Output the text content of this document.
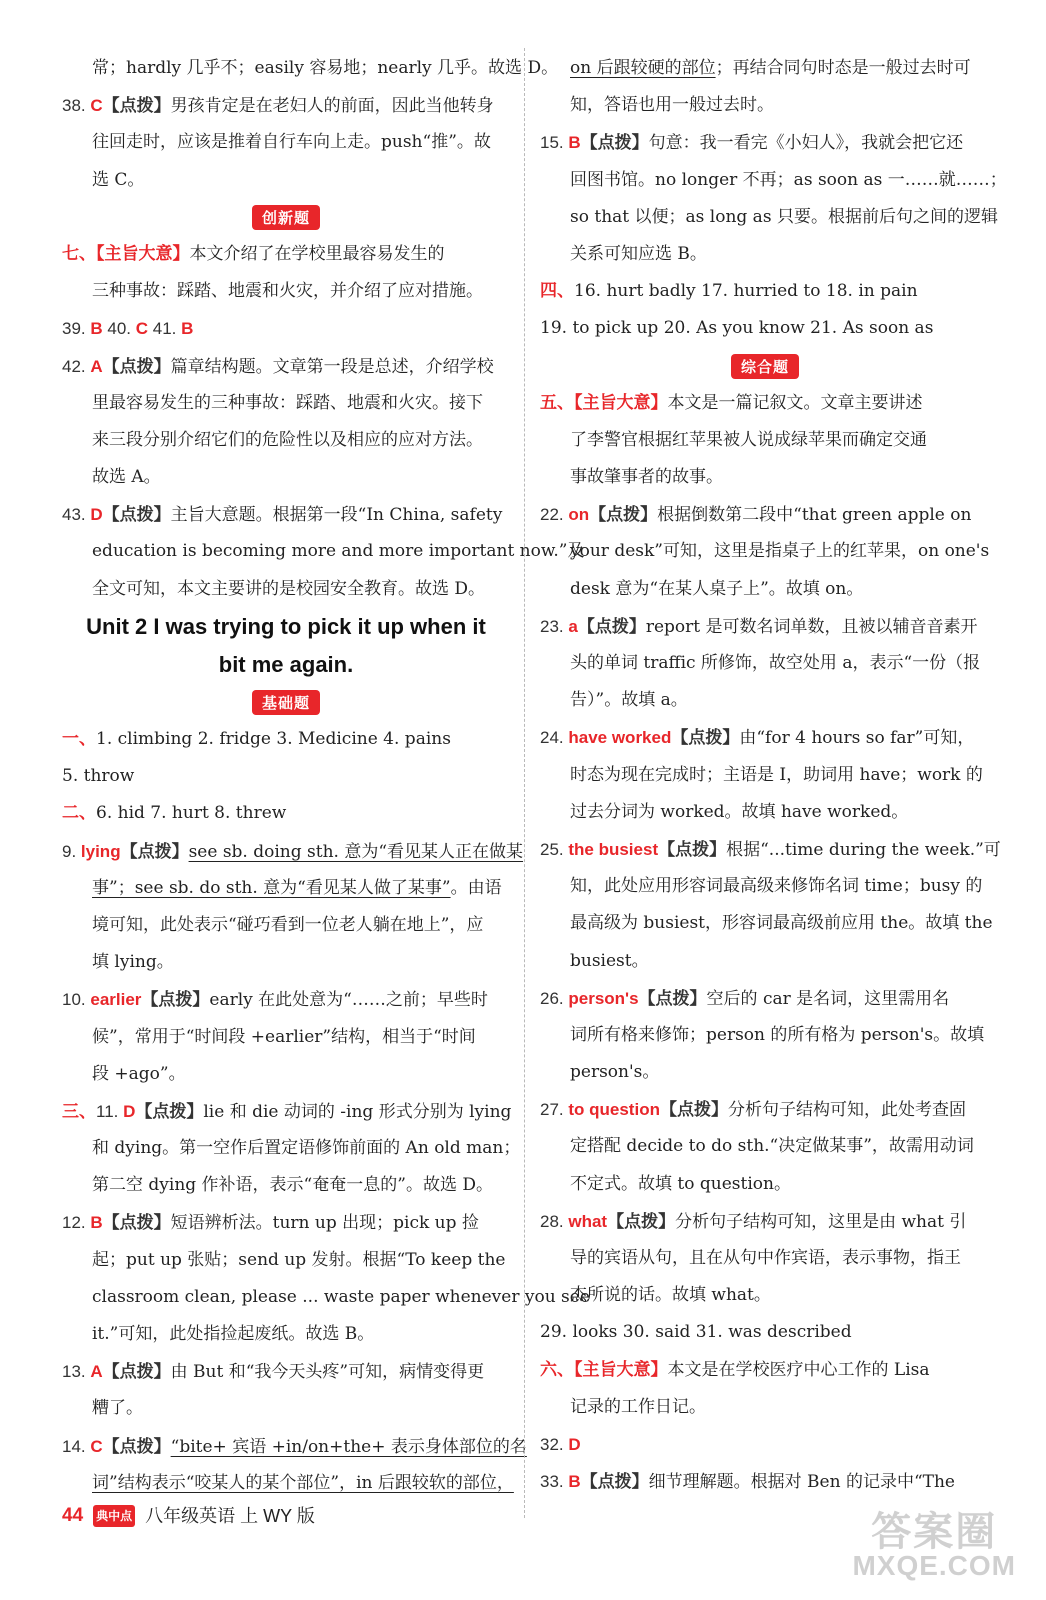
常；hardly 几乎不；easily 容易地；nearly 几乎。故选 D。
38. C【点拨】男孩肯定是在老妇人的前面，因此当他转身
往回走时，应该是推着自行车向上走。push“推”。故
选 C。
创新题
七、【主旨大意】本文介绍了在学校里最容易发生的
三种事故：踩踏、地震和火灾，并介绍了应对措施。
39. B 40. C 41. B
42. A【点拨】篇章结构题。文章第一段是总述，介绍学校
里最容易发生的三种事故：踩踏、地震和火灾。接下
来三段分别介绍它们的危险性以及相应的应对方法。
故选 A。
43. D【点拨】主旨大意题。根据第一段“In China, safety
education is becoming more and more important now.”及
全文可知，本文主要讲的是校园安全教育。故选 D。
Unit 2 I was trying to pick it up when it
bit me again.
基础题
一、1. climbing 2. fridge 3. Medicine 4. pains
5. throw
二、6. hid 7. hurt 8. threw
9. lying【点拨】see sb. doing sth. 意为“看见某人正在做某
事”；see sb. do sth. 意为“看见某人做了某事”。由语
境可知，此处表示“碰巧看到一位老人躺在地上”，应
填 lying。
10. earlier【点拨】early 在此处意为“……之前；早些时
候”，常用于“时间段 +earlier”结构，相当于“时间
段 +ago”。
三、11. D【点拨】lie 和 die 动词的 -ing 形式分别为 lying
和 dying。第一空作后置定语修饰前面的 An old man；
第二空 dying 作补语，表示“奄奄一息的”。故选 D。
12. B【点拨】短语辨析法。turn up 出现；pick up 捡
起；put up 张贴；send up 发射。根据“To keep the
classroom clean, please ... waste paper whenever you see
it.”可知，此处指捡起废纸。故选 B。
13. A【点拨】由 But 和“我今天头疼”可知，病情变得更
糟了。
14. C【点拨】“bite+ 宾语 +in/on+the+ 表示身体部位的名
词”结构表示“咬某人的某个部位”，in 后跟较软的部位，
on 后跟较硬的部位；再结合同句时态是一般过去时可
知，答语也用一般过去时。
15. B【点拨】句意：我一看完《小妇人》，我就会把它还
回图书馆。no longer 不再；as soon as 一……就……；
so that 以便；as long as 只要。根据前后句之间的逻辑
关系可知应选 B。
四、16. hurt badly 17. hurried to 18. in pain
19. to pick up 20. As you know 21. As soon as
综合题
五、【主旨大意】本文是一篇记叙文。文章主要讲述
了李警官根据红苹果被人说成绿苹果而确定交通
事故肇事者的故事。
22. on【点拨】根据倒数第二段中“that green apple on
your desk”可知，这里是指桌子上的红苹果，on one's
desk 意为“在某人桌子上”。故填 on。
23. a【点拨】report 是可数名词单数，且被以辅音音素开
头的单词 traffic 所修饰，故空处用 a，表示“一份（报
告）”。故填 a。
24. have worked【点拨】由“for 4 hours so far”可知，
时态为现在完成时；主语是 I，助词用 have；work 的
过去分词为 worked。故填 have worked。
25. the busiest【点拨】根据“...time during the week.”可
知，此处应用形容词最高级来修饰名词 time；busy 的
最高级为 busiest，形容词最高级前应用 the。故填 the
busiest。
26. person's【点拨】空后的 car 是名词，这里需用名
词所有格来修饰；person 的所有格为 person's。故填
person's。
27. to question【点拨】分析句子结构可知，此处考查固
定搭配 decide to do sth.“决定做某事”，故需用动词
不定式。故填 to question。
28. what【点拨】分析句子结构可知，这里是由 what 引
导的宾语从句，且在从句中作宾语，表示事物，指王
杰所说的话。故填 what。
29. looks 30. said 31. was described
六、【主旨大意】本文是在学校医疗中心工作的 Lisa
记录的工作日记。
32. D
33. B【点拨】细节理解题。根据对 Ben 的记录中“The
44 典中点 八年级英语 上 WY 版	答案圈
MXQE.COM
